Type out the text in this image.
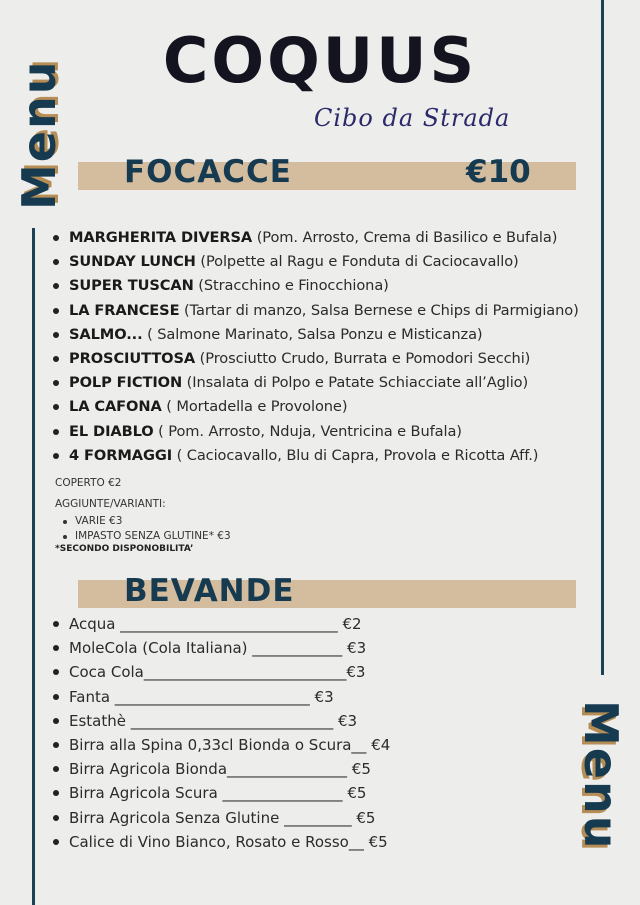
Menu
Menu
COQUUS
Cibo da Strada
FOCACCE	€10
MARGHERITA DIVERSA (Pom. Arrosto, Crema di Basilico e Bufala)
SUNDAY LUNCH (Polpette al Ragu e Fonduta di Caciocavallo)
SUPER TUSCAN (Stracchino e Finocchiona)
LA FRANCESE (Tartar di manzo, Salsa Bernese e Chips di Parmigiano)
SALMO... ( Salmone Marinato, Salsa Ponzu e Misticanza)
PROSCIUTTOSA (Prosciutto Crudo, Burrata e Pomodori Secchi)
POLP FICTION (Insalata di Polpo e Patate Schiacciate all’Aglio)
LA CAFONA ( Mortadella e Provolone)
EL DIABLO ( Pom. Arrosto, Nduja, Ventricina e Bufala)
4 FORMAGGI ( Caciocavallo, Blu di Capra, Provola e Ricotta Aff.)
COPERTO €2
AGGIUNTE/VARIANTI:
VARIE €3
IMPASTO SENZA GLUTINE* €3
*SECONDO DISPONOBILITA’
BEVANDE
Acqua _____________________________ €2
MoleCola (Cola Italiana) ____________ €3
Coca Cola___________________________€3
Fanta __________________________ €3
Estathè ___________________________ €3
Birra alla Spina 0,33cl Bionda o Scura__ €4
Birra Agricola Bionda________________ €5
Birra Agricola Scura ________________ €5
Birra Agricola Senza Glutine _________ €5
Calice di Vino Bianco, Rosato e Rosso__ €5
